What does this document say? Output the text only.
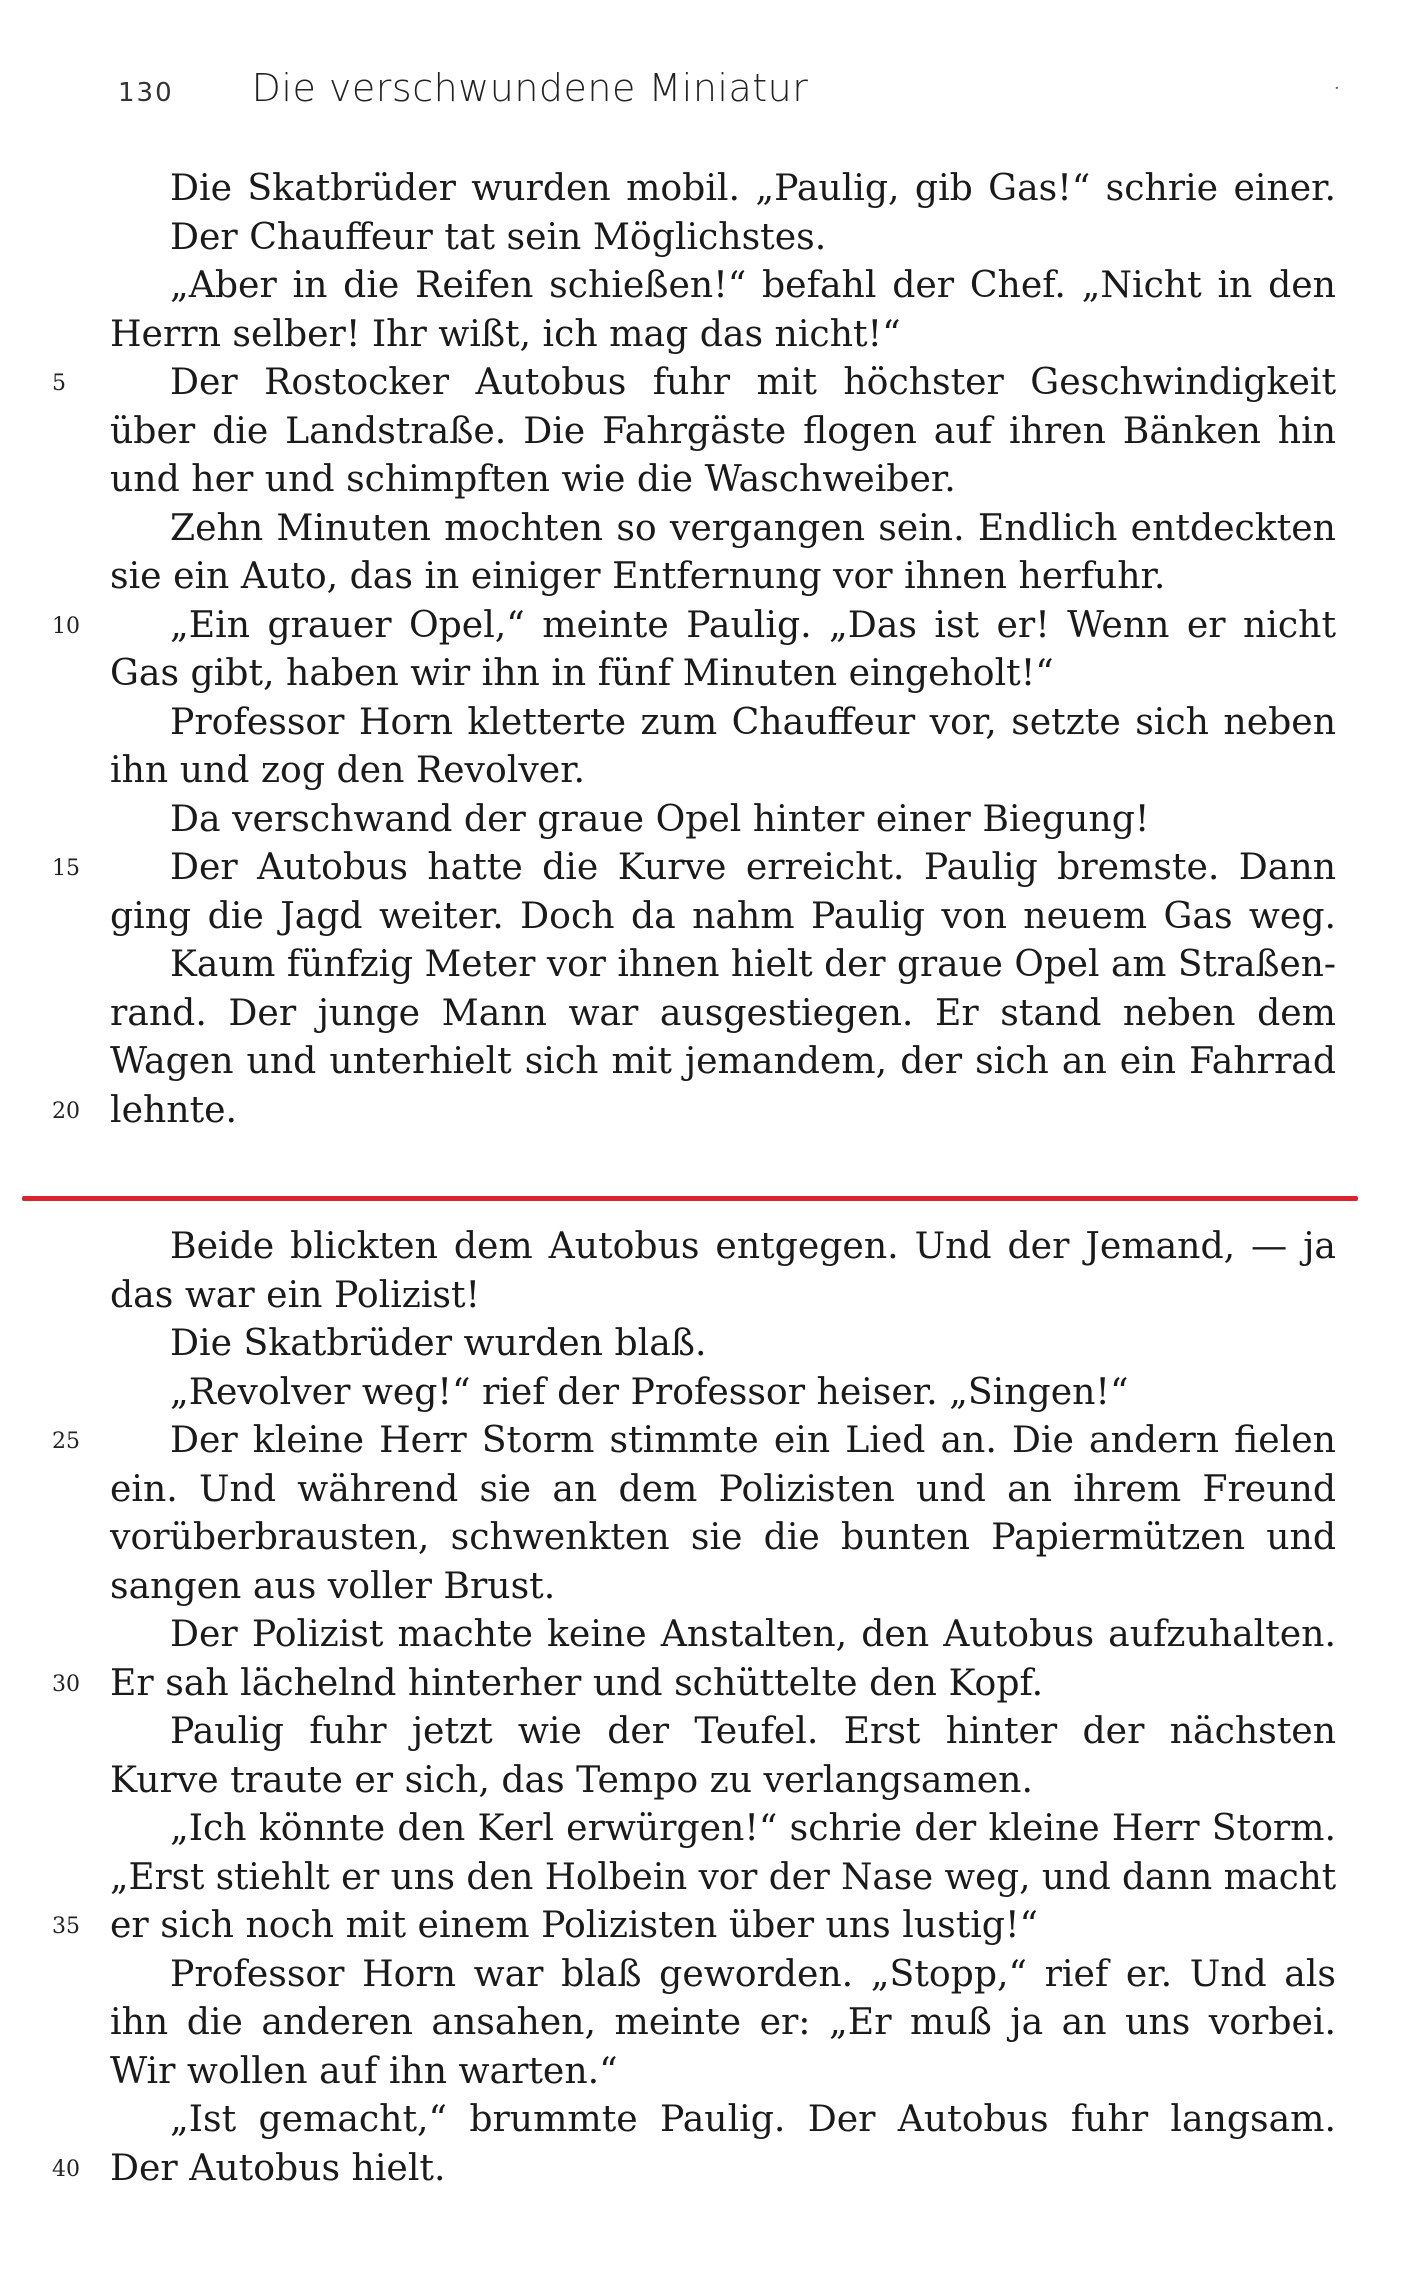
130 Die verschwundene Miniatur	·
Die Skatbrüder wurden mobil. „Paulig, gib Gas!“ schrie einer.
Der Chauffeur tat sein Möglichstes.
„Aber in die Reifen schießen!“ befahl der Chef. „Nicht in den
Herrn selber! Ihr wißt, ich mag das nicht!“
Der Rostocker Autobus fuhr mit höchster Geschwindigkeit
5
über die Landstraße. Die Fahrgäste flogen auf ihren Bänken hin
und her und schimpften wie die Waschweiber.
Zehn Minuten mochten so vergangen sein. Endlich entdeckten
sie ein Auto, das in einiger Entfernung vor ihnen herfuhr.
„Ein grauer Opel,“ meinte Paulig. „Das ist er! Wenn er nicht
10
Gas gibt, haben wir ihn in fünf Minuten eingeholt!“
Professor Horn kletterte zum Chauffeur vor, setzte sich neben
ihn und zog den Revolver.
Da verschwand der graue Opel hinter einer Biegung!
Der Autobus hatte die Kurve erreicht. Paulig bremste. Dann
15
ging die Jagd weiter. Doch da nahm Paulig von neuem Gas weg.
Kaum fünfzig Meter vor ihnen hielt der graue Opel am Straßen-
rand. Der junge Mann war ausgestiegen. Er stand neben dem
Wagen und unterhielt sich mit jemandem, der sich an ein Fahrrad
lehnte.
20
Beide blickten dem Autobus entgegen. Und der Jemand, — ja
das war ein Polizist!
Die Skatbrüder wurden blaß.
„Revolver weg!“ rief der Professor heiser. „Singen!“
Der kleine Herr Storm stimmte ein Lied an. Die andern fielen
25
ein. Und während sie an dem Polizisten und an ihrem Freund
vorüberbrausten, schwenkten sie die bunten Papiermützen und
sangen aus voller Brust.
Der Polizist machte keine Anstalten, den Autobus aufzuhalten.
Er sah lächelnd hinterher und schüttelte den Kopf.
30
Paulig fuhr jetzt wie der Teufel. Erst hinter der nächsten
Kurve traute er sich, das Tempo zu verlangsamen.
„Ich könnte den Kerl erwürgen!“ schrie der kleine Herr Storm.
„Erst stiehlt er uns den Holbein vor der Nase weg, und dann macht
er sich noch mit einem Polizisten über uns lustig!“
35
Professor Horn war blaß geworden. „Stopp,“ rief er. Und als
ihn die anderen ansahen, meinte er: „Er muß ja an uns vorbei.
Wir wollen auf ihn warten.“
„Ist gemacht,“ brummte Paulig. Der Autobus fuhr langsam.
Der Autobus hielt.
40
